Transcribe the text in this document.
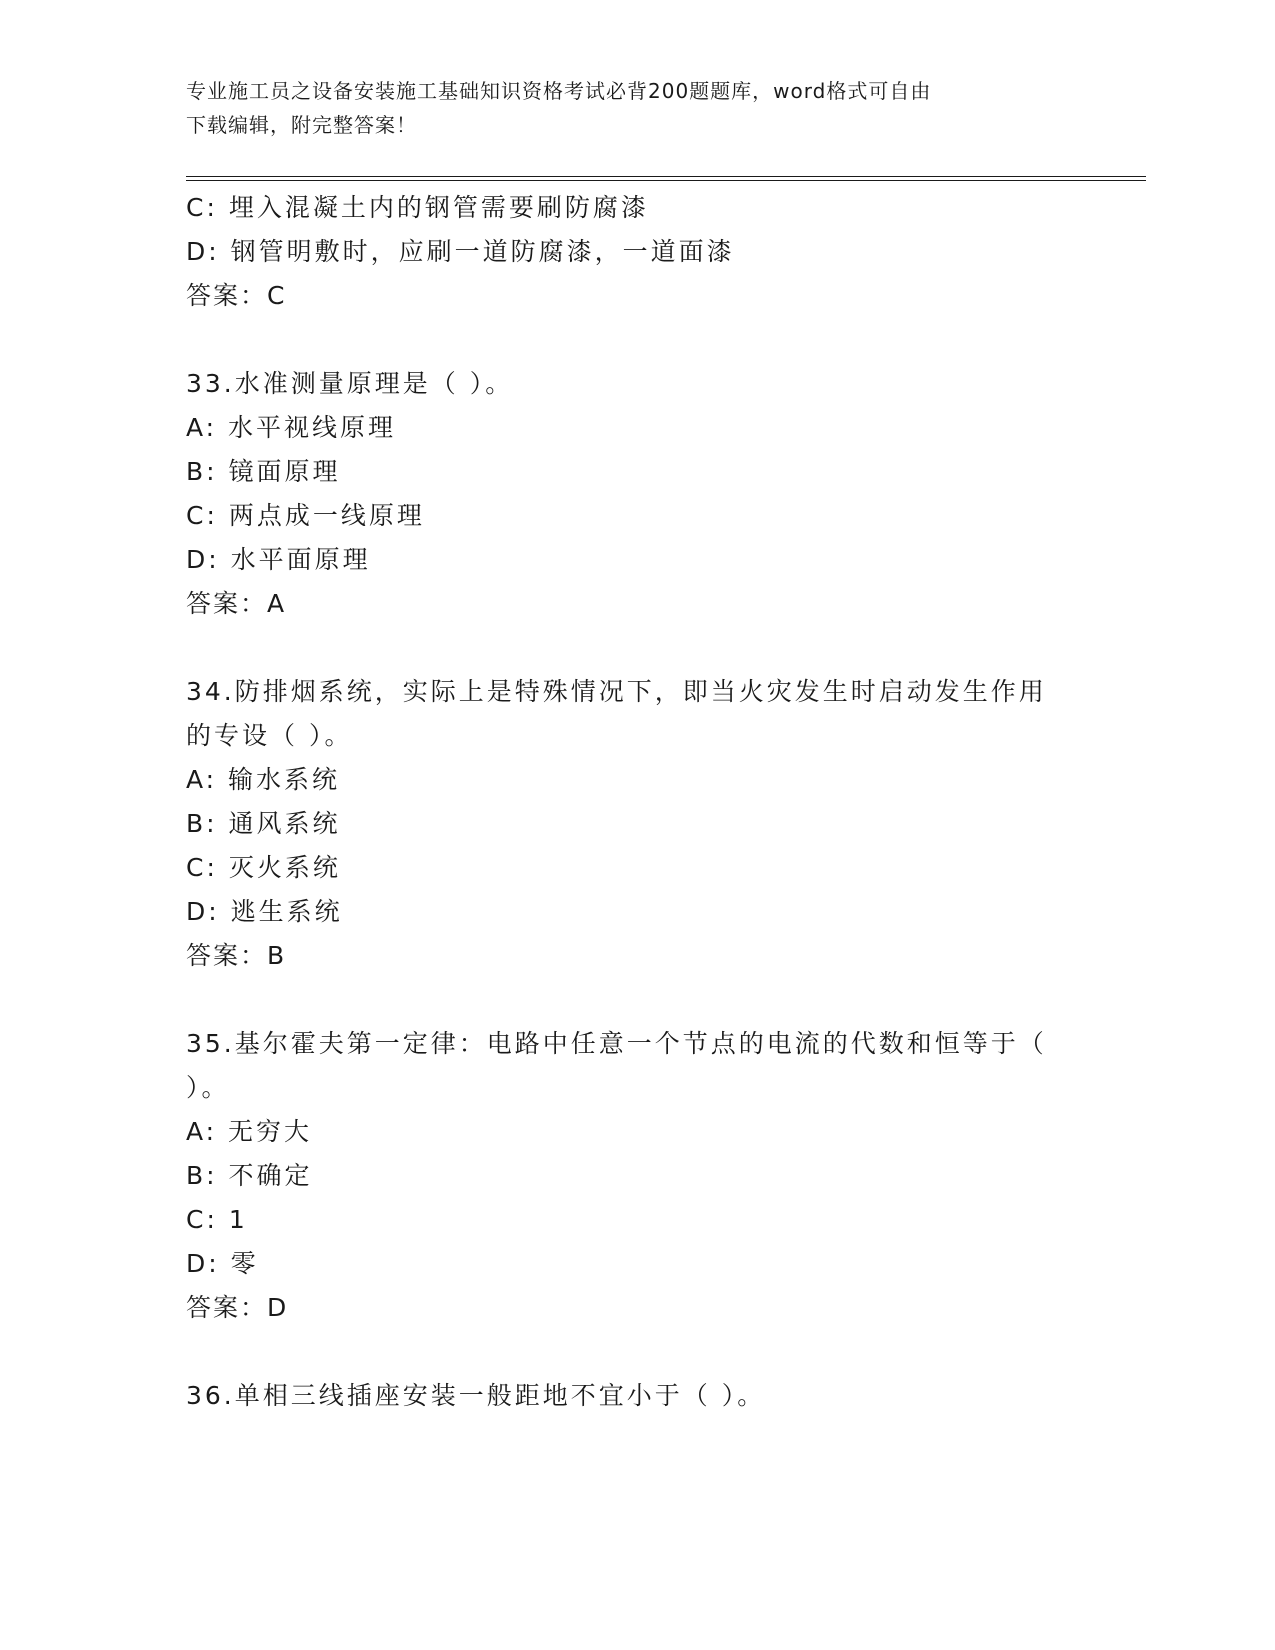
专业施工员之设备安装施工基础知识资格考试必背200题题库，word格式可自由
下载编辑，附完整答案！
C: 埋入混凝土内的钢管需要刷防腐漆
D: 钢管明敷时，应刷一道防腐漆，一道面漆
答案：C
33.水准测量原理是（ ）。
A: 水平视线原理
B: 镜面原理
C: 两点成一线原理
D: 水平面原理
答案：A
34.防排烟系统，实际上是特殊情况下，即当火灾发生时启动发生作用
的专设（ ）。
A: 输水系统
B: 通风系统
C: 灭火系统
D: 逃生系统
答案：B
35.基尔霍夫第一定律：电路中任意一个节点的电流的代数和恒等于（
）。
A: 无穷大
B: 不确定
C: 1
D: 零
答案：D
36.单相三线插座安装一般距地不宜小于（ ）。
